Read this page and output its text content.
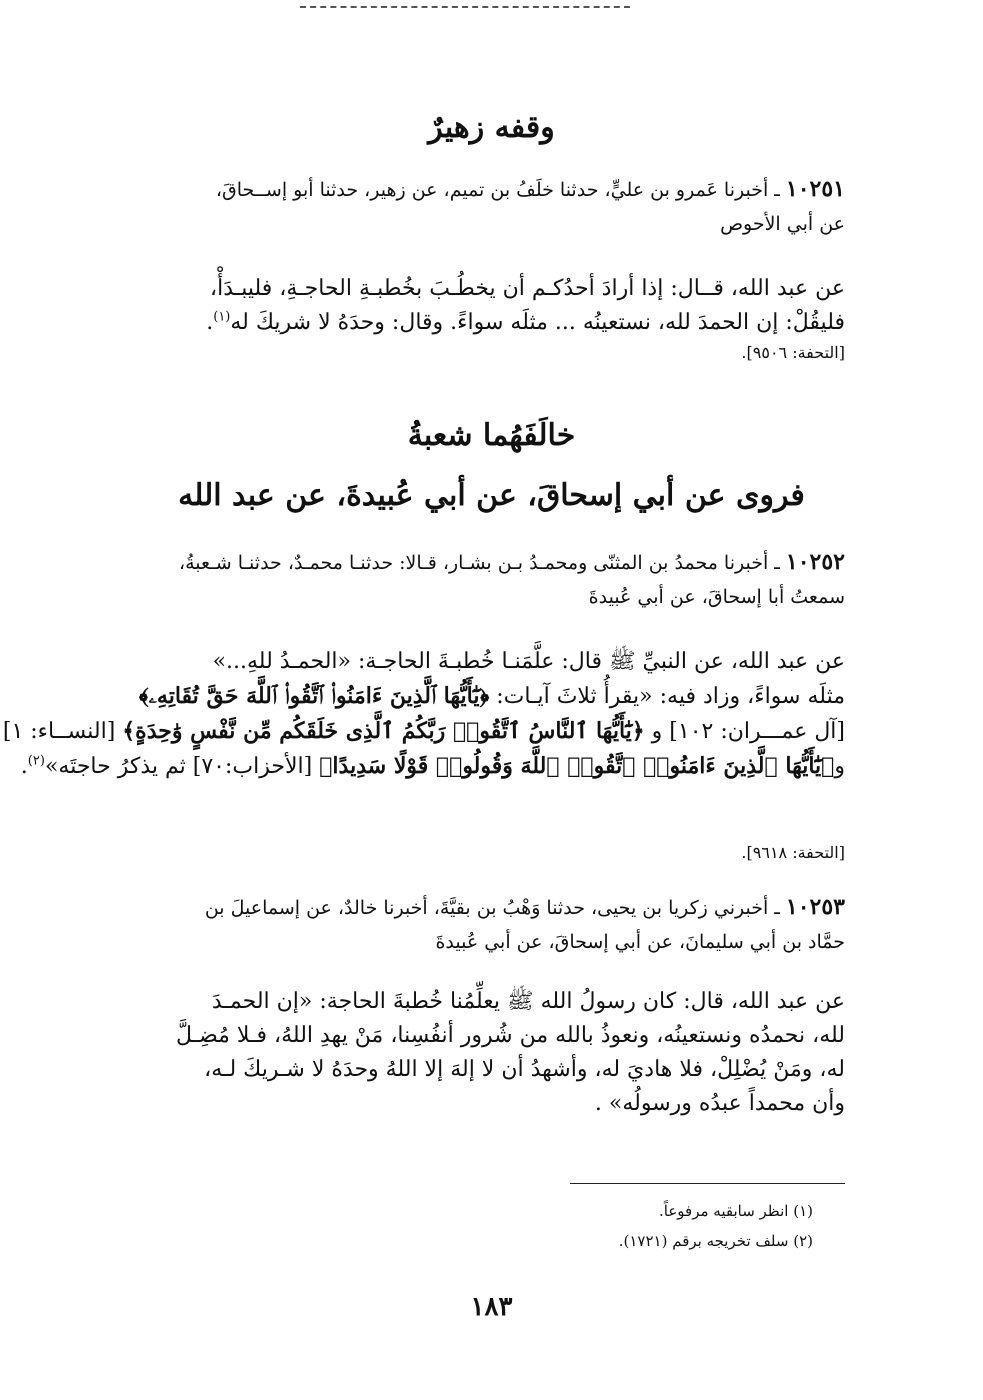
وقفه زهيرٌ
١٠٢٥١ ـ أخبرنا عَمرو بن عليٍّ، حدثنا خلَفُ بن تميم، عن زهير، حدثنا أبو إســحاقَ،
عن أبي الأحوص
عن عبد الله، قــال: إذا أرادَ أحدُكـم أن يخطُـبَ بخُطبـةِ الحاجـةِ، فليبـدَأْ،
فليقُلْ: إن الحمدَ لله، نستعينُه ... مثلَه سواءً. وقال: وحدَهُ لا شريكَ له$^{(١)}$.
[التحفة: ٩٥٠٦].
خالَفَهُما شعبةُ
فروى عن أبي إسحاقَ، عن أبي عُبيدةَ، عن عبد الله
١٠٢٥٢ ـ أخبرنا محمدُ بن المثنّى ومحمـدُ بـن بشـار، قـالا: حدثنـا محمـدٌ، حدثنـا شـعبةُ،
سمعتُ أبا إسحاقَ، عن أبي عُبيدةَ
عن عبد الله، عن النبيِّ ﷺ قال: علَّمَنـا خُطبـةَ الحاجـة: «الحمـدُ للهِ...»
مثلَه سواءً، وزاد فيه: «يقرأُ ثلاثَ آيـات: ﴿يَٰٓأَيُّهَا ٱلَّذِينَ ءَامَنُوا۟ ٱتَّقُوا۟ ٱللَّهَ حَقَّ تُقَاتِهِۦ﴾
[آل عمـــران: ١٠٢] و ﴿يَٰٓأَيُّهَا ٱلنَّاسُ ٱتَّقُوا۟ رَبَّكُمُ ٱلَّذِى خَلَقَكُم مِّن نَّفْسٍ وَٰحِدَةٍ﴾ [النســاء: ١]
و﴿يَٰٓأَيُّهَا ٱلَّذِينَ ءَامَنُوا۟ ٱتَّقُوا۟ ٱللَّهَ وَقُولُوا۟ قَوْلًا سَدِيدًا﴾ [الأحزاب:٧٠] ثم يذكرُ حاجتَه»$^{(٢)}$.
[التحفة: ٩٦١٨].
١٠٢٥٣ ـ أخبرني زكريا بن يحيى، حدثنا وَهْبُ بن بقيَّةَ، أخبرنا خالدٌ، عن إسماعيلَ بن
حمَّاد بن أبي سليمانَ، عن أبي إسحاقَ، عن أبي عُبيدةَ
عن عبد الله، قال: كان رسولُ الله ﷺ يعلِّمُنا خُطبةَ الحاجة: «إن الحمـدَ
لله، نحمدُه ونستعينُه، ونعوذُ بالله من شُرور أنفُسِنا، مَنْ يهدِ اللهُ، فـلا مُضِـلَّ
له، ومَنْ يُضْلِلْ، فلا هاديَ له، وأشهدُ أن لا إلهَ إلا اللهُ وحدَهُ لا شـريكَ لـه،
وأن محمداً عبدُه ورسولُه» .
(١) انظر سابقيه مرفوعاً.
(٢) سلف تخريجه برقم (١٧٢١).
١٨٣
